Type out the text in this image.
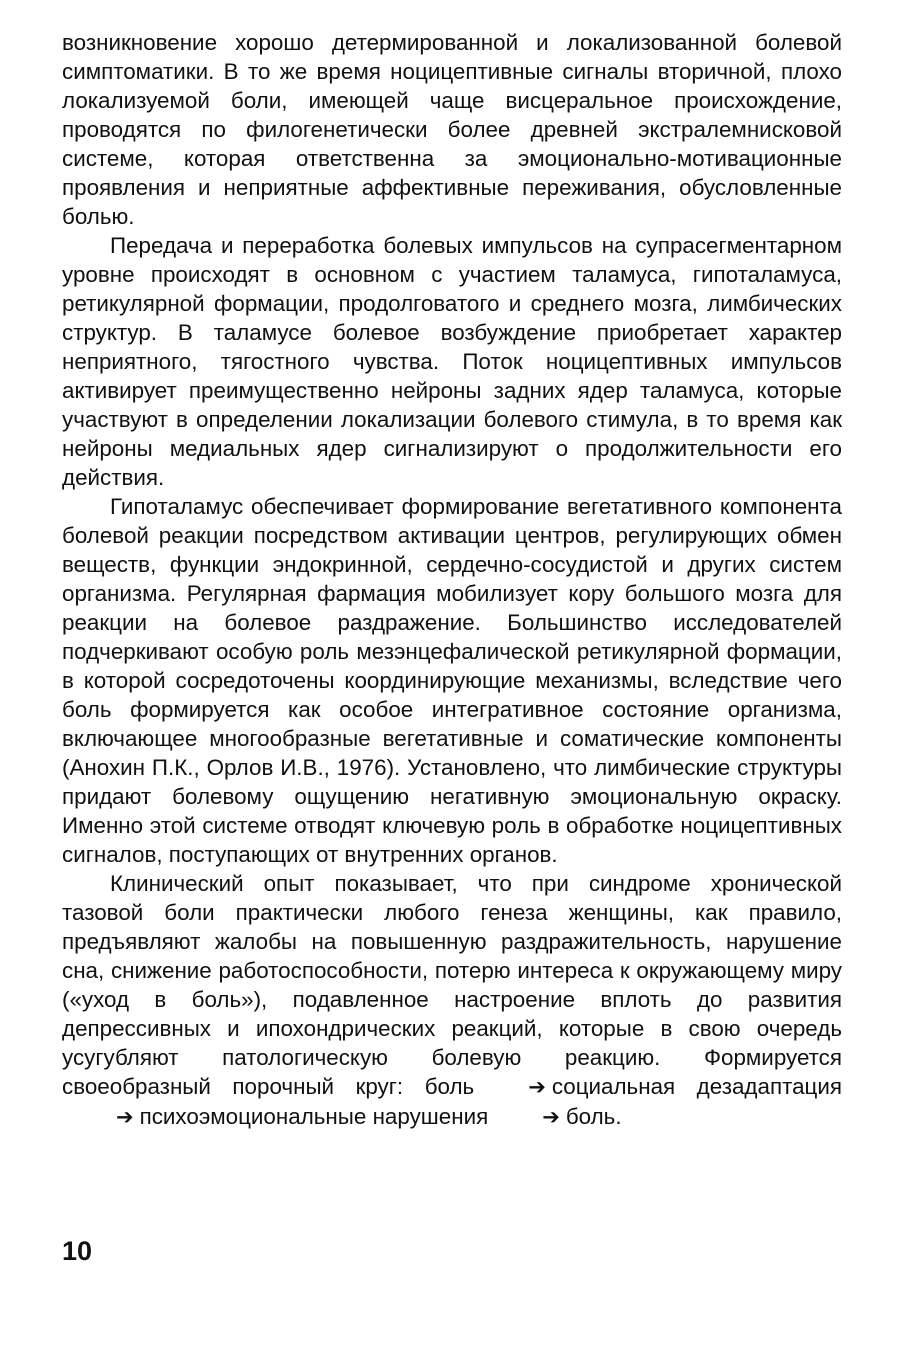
возникновение хорошо детермированной и локализованной болевой симптоматики. В то же время ноцицептивные сигналы вторичной, плохо локализуемой боли, имеющей чаще висцеральное происхождение, проводятся по филогенетически более древней экстралемнисковой системе, которая ответственна за эмоционально-мотивационные проявления и неприятные аффективные переживания, обусловленные болью.

Передача и переработка болевых импульсов на супрасегментарном уровне происходят в основном с участием таламуса, гипоталамуса, ретикулярной формации, продолговатого и среднего мозга, лимбических структур. В таламусе болевое возбуждение приобретает характер неприятного, тягостного чувства. Поток ноцицептивных импульсов активирует преимущественно нейроны задних ядер таламуса, которые участвуют в определении локализации болевого стимула, в то время как нейроны медиальных ядер сигнализируют о продолжительности его действия.

Гипоталамус обеспечивает формирование вегетативного компонента болевой реакции посредством активации центров, регулирующих обмен веществ, функции эндокринной, сердечно-сосудистой и других систем организма. Регулярная фармация мобилизует кору большого мозга для реакции на болевое раздражение. Большинство исследователей подчеркивают особую роль мезэнцефалической ретикулярной формации, в которой сосредоточены координирующие механизмы, вследствие чего боль формируется как особое интегративное состояние организма, включающее многообразные вегетативные и соматические компоненты (Анохин П.К., Орлов И.В., 1976). Установлено, что лимбические структуры придают болевому ощущению негативную эмоциональную окраску. Именно этой системе отводят ключевую роль в обработке ноцицептивных сигналов, поступающих от внутренних органов.

Клинический опыт показывает, что при синдроме хронической тазовой боли практически любого генеза женщины, как правило, предъявляют жалобы на повышенную раздражительность, нарушение сна, снижение работоспособности, потерю интереса к окружающему миру («уход в боль»), подавленное настроение вплоть до развития депрессивных и ипохондрических реакций, которые в свою очередь усугубляют патологическую болевую реакцию. Формируется своеобразный порочный круг: боль	➔ социальная дезадаптация➔ психоэмоциональные нарушения	➔ боль.

10
